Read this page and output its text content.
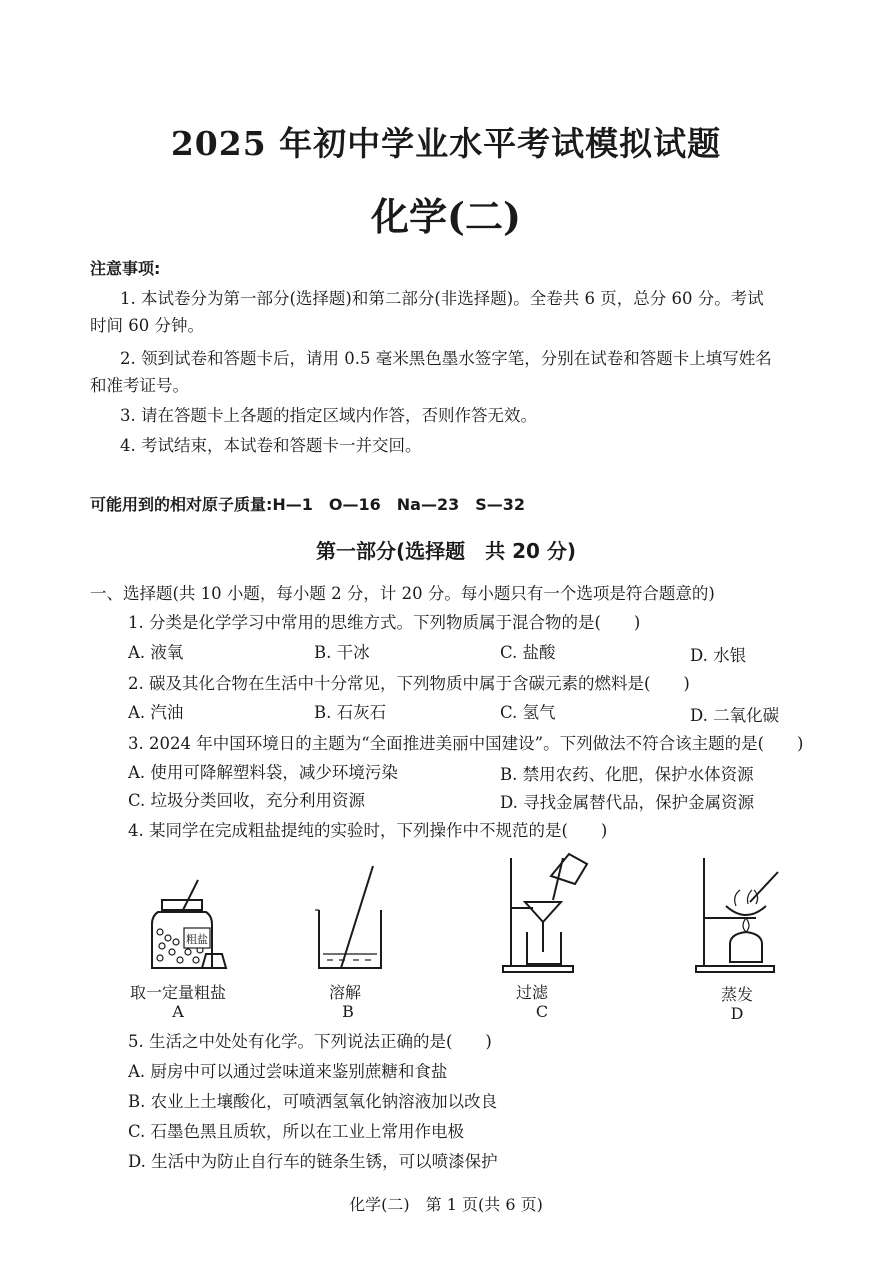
2025 年初中学业水平考试模拟试题
化学(二)
注意事项:
1. 本试卷分为第一部分(选择题)和第二部分(非选择题)。全卷共 6 页，总分 60 分。考试
时间 60 分钟。
2. 领到试卷和答题卡后，请用 0.5 毫米黑色墨水签字笔，分别在试卷和答题卡上填写姓名
和准考证号。
3. 请在答题卡上各题的指定区域内作答，否则作答无效。
4. 考试结束，本试卷和答题卡一并交回。
可能用到的相对原子质量:H—1　O—16　Na—23　S—32
第一部分(选择题　共 20 分)
一、选择题(共 10 小题，每小题 2 分，计 20 分。每小题只有一个选项是符合题意的)
1. 分类是化学学习中常用的思维方式。下列物质属于混合物的是(　　)
A. 液氧	B. 干冰	C. 盐酸	D. 水银
2. 碳及其化合物在生活中十分常见，下列物质中属于含碳元素的燃料是(　　)
A. 汽油	B. 石灰石	C. 氢气	D. 二氧化碳
3. 2024 年中国环境日的主题为“全面推进美丽中国建设”。下列做法不符合该主题的是(　　)
A. 使用可降解塑料袋，减少环境污染	B. 禁用农药、化肥，保护水体资源
C. 垃圾分类回收，充分利用资源	D. 寻找金属替代品，保护金属资源
4. 某同学在完成粗盐提纯的实验时，下列操作中不规范的是(　　)
粗盐
取一定量粗盐
A
溶解
B
过滤
C
蒸发
D
5. 生活之中处处有化学。下列说法正确的是(　　)
A. 厨房中可以通过尝味道来鉴别蔗糖和食盐
B. 农业上土壤酸化，可喷洒氢氧化钠溶液加以改良
C. 石墨色黑且质软，所以在工业上常用作电极
D. 生活中为防止自行车的链条生锈，可以喷漆保护
化学(二)　第 1 页(共 6 页)
